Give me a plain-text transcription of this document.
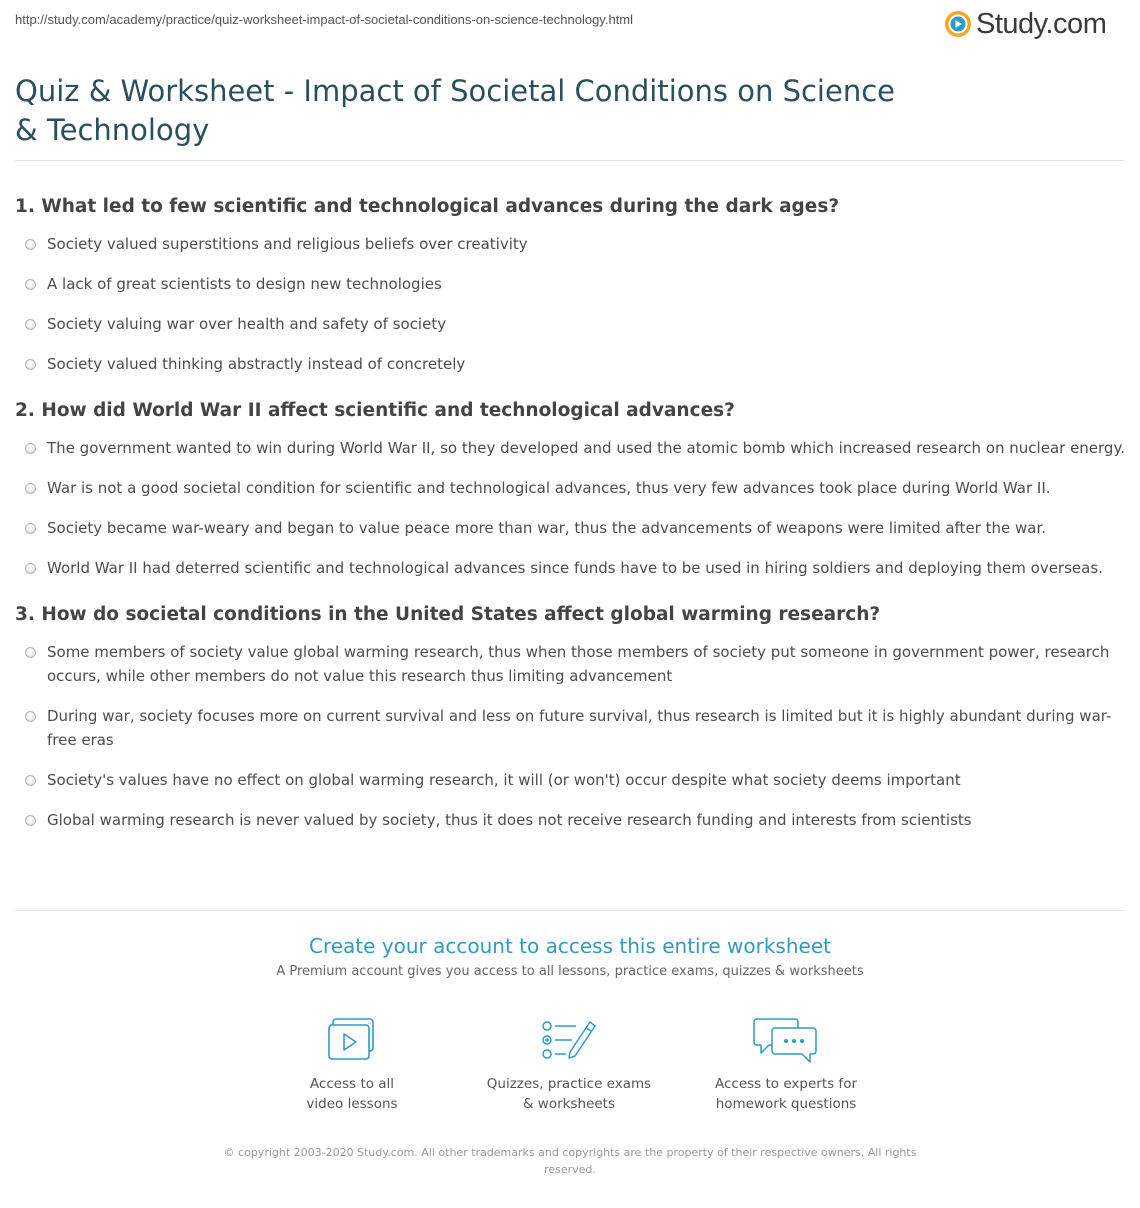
http://study.com/academy/practice/quiz-worksheet-impact-of-societal-conditions-on-science-technology.html	Study.com
Quiz & Worksheet - Impact of Societal Conditions on Science & Technology
1. What led to few scientific and technological advances during the dark ages?
Society valued superstitions and religious beliefs over creativity
A lack of great scientists to design new technologies
Society valuing war over health and safety of society
Society valued thinking abstractly instead of concretely
2. How did World War II affect scientific and technological advances?
The government wanted to win during World War II, so they developed and used the atomic bomb which increased research on nuclear energy.
War is not a good societal condition for scientific and technological advances, thus very few advances took place during World War II.
Society became war-weary and began to value peace more than war, thus the advancements of weapons were limited after the war.
World War II had deterred scientific and technological advances since funds have to be used in hiring soldiers and deploying them overseas.
3. How do societal conditions in the United States affect global warming research?
Some members of society value global warming research, thus when those members of society put someone in government power, research occurs, while other members do not value this research thus limiting advancement
During war, society focuses more on current survival and less on future survival, thus research is limited but it is highly abundant during war-free eras
Society's values have no effect on global warming research, it will (or won't) occur despite what society deems important
Global warming research is never valued by society, thus it does not receive research funding and interests from scientists

Create your account to access this entire worksheet

A Premium account gives you access to all lessons, practice exams, quizzes & worksheets

Access to all
video lessons
Quizzes, practice exams
& worksheets
Access to experts for
homework questions
© copyright 2003-2020 Study.com. All other trademarks and copyrights are the property of their respective owners. All rights reserved.
